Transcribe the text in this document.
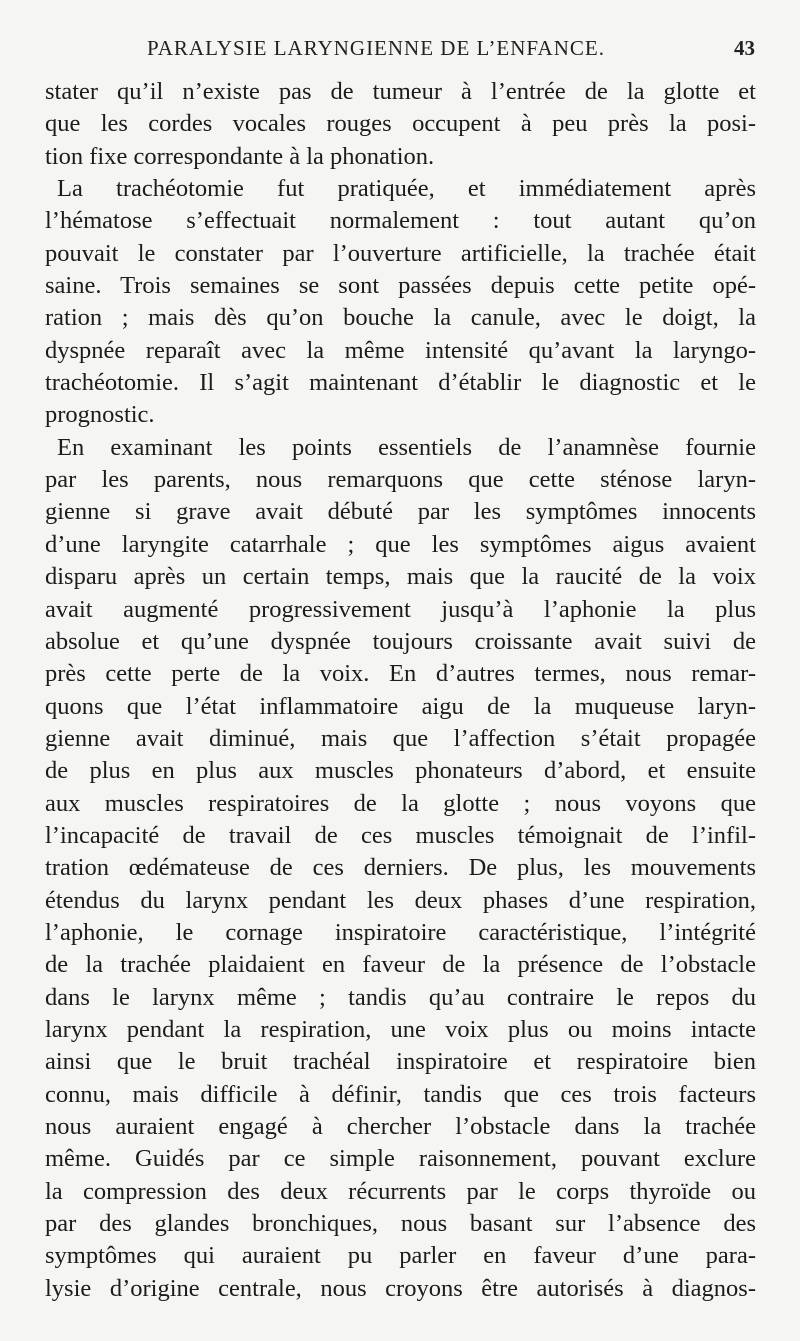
PARALYSIE LARYNGIENNE DE L’ENFANCE.	43
stater qu’il n’existe pas de tumeur à l’entrée de la glotte et
que les cordes vocales rouges occupent à peu près la posi-
tion fixe correspondante à la phonation.
La trachéotomie fut pratiquée, et immédiatement après
l’hématose s’effectuait normalement : tout autant qu’on
pouvait le constater par l’ouverture artificielle, la trachée était
saine. Trois semaines se sont passées depuis cette petite opé-
ration ; mais dès qu’on bouche la canule, avec le doigt, la
dyspnée reparaît avec la même intensité qu’avant la laryngo-
trachéotomie. Il s’agit maintenant d’établir le diagnostic et le
prognostic.
En examinant les points essentiels de l’anamnèse fournie
par les parents, nous remarquons que cette sténose laryn-
gienne si grave avait débuté par les symptômes innocents
d’une laryngite catarrhale ; que les symptômes aigus avaient
disparu après un certain temps, mais que la raucité de la voix
avait augmenté progressivement jusqu’à l’aphonie la plus
absolue et qu’une dyspnée toujours croissante avait suivi de
près cette perte de la voix. En d’autres termes, nous remar-
quons que l’état inflammatoire aigu de la muqueuse laryn-
gienne avait diminué, mais que l’affection s’était propagée
de plus en plus aux muscles phonateurs d’abord, et ensuite
aux muscles respiratoires de la glotte ; nous voyons que
l’incapacité de travail de ces muscles témoignait de l’infil-
tration œdémateuse de ces derniers. De plus, les mouvements
étendus du larynx pendant les deux phases d’une respiration,
l’aphonie, le cornage inspiratoire caractéristique, l’intégrité
de la trachée plaidaient en faveur de la présence de l’obstacle
dans le larynx même ; tandis qu’au contraire le repos du
larynx pendant la respiration, une voix plus ou moins intacte
ainsi que le bruit trachéal inspiratoire et respiratoire bien
connu, mais difficile à définir, tandis que ces trois facteurs
nous auraient engagé à chercher l’obstacle dans la trachée
même. Guidés par ce simple raisonnement, pouvant exclure
la compression des deux récurrents par le corps thyroïde ou
par des glandes bronchiques, nous basant sur l’absence des
symptômes qui auraient pu parler en faveur d’une para-
lysie d’origine centrale, nous croyons être autorisés à diagnos-
